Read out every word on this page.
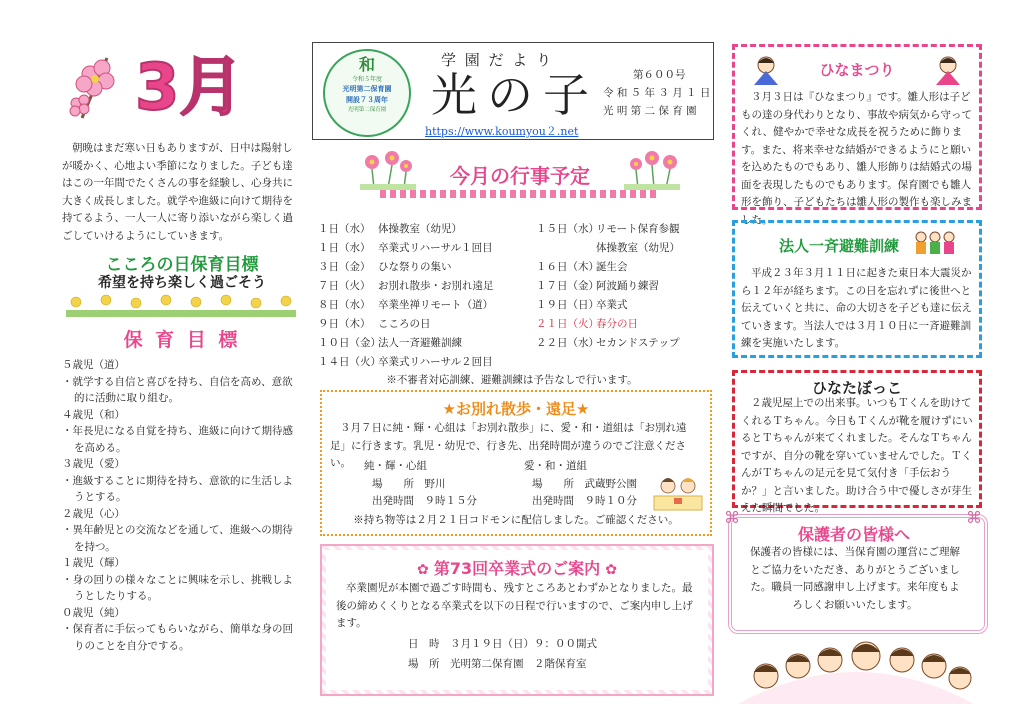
3月
朝晩はまだ寒い日もありますが、日中は陽射しが暖かく、心地よい季節になりました。子ども達はこの一年間でたくさんの事を経験し、心身共に大きく成長しました。就学や進級に向けて期待を持てるよう、一人一人に寄り添いながら楽しく過ごしていけるようにしていきます。
こころの日保育目標
希望を持ち楽しく過ごそう
保 育 目 標
５歳児（道）
・就学する自信と喜びを持ち、自信を高め、意欲的に活動に取り組む。
４歳児（和）
・年長児になる自覚を持ち、進級に向けて期待感を高める。
３歳児（愛）
・進級することに期待を持ち、意欲的に生活しようとする。
２歳児（心）
・異年齢児との交流などを通して、進級への期待を持つ。
１歳児（輝）
・身の回りの様々なことに興味を示し、挑戦しようとしたりする。
０歳児（純）
・保育者に手伝ってもらいながら、簡単な身の回りのことを自分でする。
和
令和５年度
光明第二保育園
開設７３周年
光明第二保育園
学 園 だ よ り
光の子	第６００号
令 和 ５ 年 ３ 月 １ 日
光 明 第 二 保 育 園
https://www.koumyou２.net
今月の行事予定
１日（水） 体操教室（幼児）
１日（水） 卒業式リハーサル１回目
３日（金） ひな祭りの集い
７日（火） お別れ散歩・お別れ遠足
８日（水） 卒業坐禅リモート（道）
９日（木） こころの日
１０日（金）法人一斉避難訓練
１４日（火）卒業式リハーサル２回目
１５日（水）リモート保育参観
体操教室（幼児）
１６日（木）誕生会
１７日（金）阿波踊り練習
１９日（日）卒業式
２１日（火）春分の日
２２日（水）セカンドステップ
※不審者対応訓練、避難訓練は予告なしで行います。
★お別れ散歩・遠足★
３月７日に純・輝・心組は「お別れ散歩」に、愛・和・道組は「お別れ遠足」に行きます。乳児・幼児で、行き先、出発時間が違うのでご注意ください。	純・輝・心組
場　　所　野川
出発時間　９時１５分
愛・和・道組
場　　所　武蔵野公園
出発時間　９時１０分
※持ち物等は２月２１日コドモンに配信しました。ご確認ください。
✿ 第73回卒業式のご案内 ✿
卒業園児が本園で過ごす時間も、残すところあとわずかとなりました。最後の締めくくりとなる卒業式を以下の日程で行いますので、ご案内申し上げます。
日　時　３月１９日（日）９：００開式
場　所　光明第二保育園　２階保育室
ひなまつり
３月３日は『ひなまつり』です。雛人形は子どもの達の身代わりとなり、事故や病気から守ってくれ、健やかで幸せな成長を祝うために飾ります。また、将来幸せな結婚ができるようにと願いを込めたものでもあり、雛人形飾りは結婚式の場面を表現したものでもあります。保育園でも雛人形を飾り、子どもたちは雛人形の製作も楽しみました。
法人一斉避難訓練
平成２３年３月１１日に起きた東日本大震災から１２年が経ちます。この日を忘れずに後世へと伝えていくと共に、命の大切さを子ども達に伝えていきます。当法人では３月１０日に一斉避難訓練を実施いたします。
ひなたぼっこ
２歳児屋上での出来事。いつもＴくんを助けてくれるＴちゃん。今日もＴくんが靴を履けずにいるとＴちゃんが来てくれました。そんなＴちゃんですが、自分の靴を穿いていませんでした。ＴくんがＴちゃんの足元を見て気付き「手伝おうか？」と言いました。助け合う中で優しさが芽生えた瞬間でした。
⌘	⌘
保護者の皆様へ
保護者の皆様には、当保育園の運営にご理解とご協力をいただき、ありがとうございました。職員一同感謝申し上げます。来年度もよろしくお願いいたします。
